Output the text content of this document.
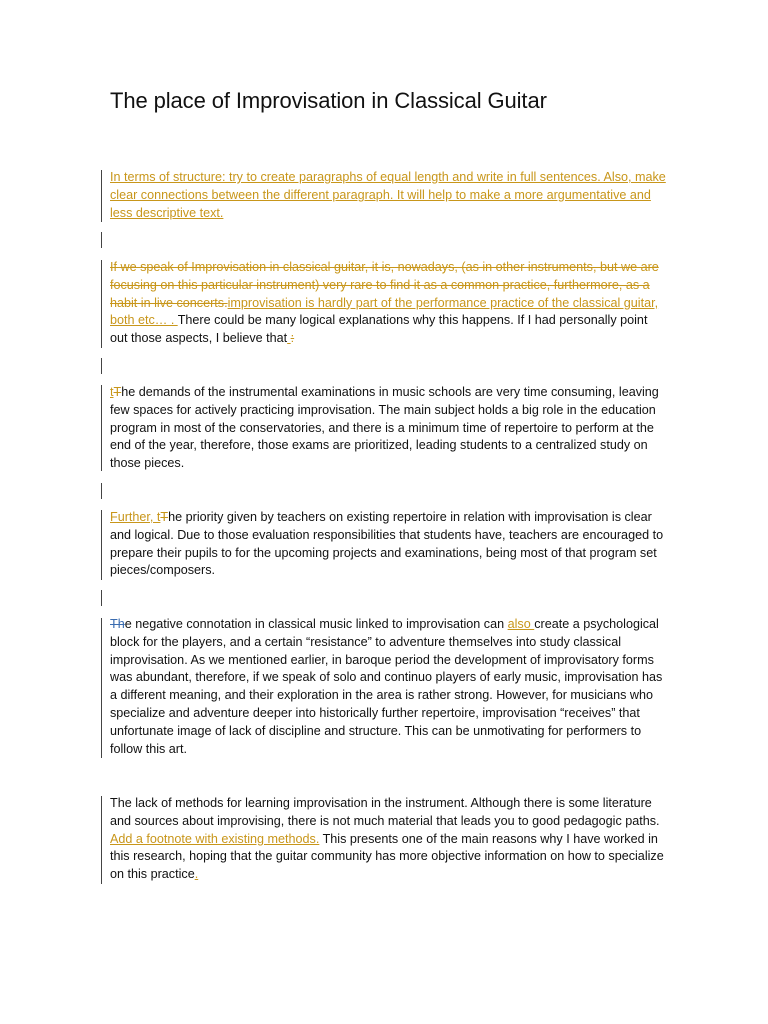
The place of Improvisation in Classical Guitar

In terms of structure: try to create paragraphs of equal length and write in full sentences. Also, make clear connections between the different paragraph. It will help to make a more argumentative and less descriptive text.

If we speak of Improvisation in classical guitar, it is, nowadays, (as in other instruments, but we are focusing on this particular instrument) very rare to find it as a common practice, furthermore, as a habit in live concerts.improvisation is hardly part of the performance practice of the classical guitar, both etc… . There could be many logical explanations why this happens. If I had personally point out those aspects, I believe that :

tThe demands of the instrumental examinations in music schools are very time consuming, leaving few spaces for actively practicing improvisation. The main subject holds a big role in the education program in most of the conservatories, and there is a minimum time of repertoire to perform at the end of the year, therefore, those exams are prioritized, leading students to a centralized study on those pieces.

Further, tThe priority given by teachers on existing repertoire in relation with improvisation is clear and logical. Due to those evaluation responsibilities that students have, teachers are encouraged to prepare their pupils to for the upcoming projects and examinations, being most of that program set pieces/composers.

The negative connotation in classical music linked to improvisation can also create a psychological block for the players, and a certain “resistance” to adventure themselves into study classical improvisation. As we mentioned earlier, in baroque period the development of improvisatory forms was abundant, therefore, if we speak of solo and continuo players of early music, improvisation has a different meaning, and their exploration in the area is rather strong. However, for musicians who specialize and adventure deeper into historically further repertoire, improvisation “receives” that unfortunate image of lack of discipline and structure. This can be unmotivating for performers to follow this art.

The lack of methods for learning improvisation in the instrument. Although there is some literature and sources about improvising, there is not much material that leads you to good pedagogic paths. Add a footnote with existing methods. This presents one of the main reasons why I have worked in this research, hoping that the guitar community has more objective information on how to specialize on this practice.
